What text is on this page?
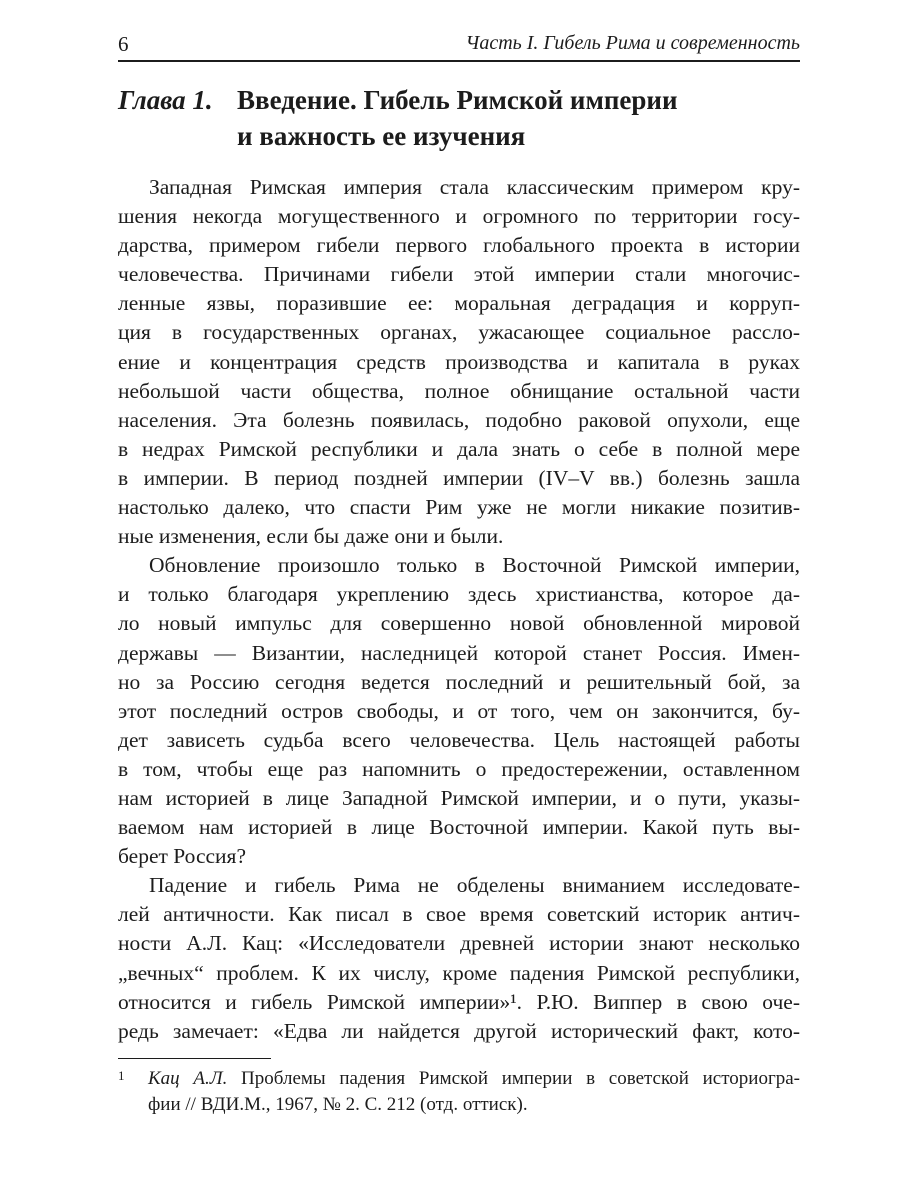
6	Часть I. Гибель Рима и современность
Глава 1. Введение. Гибель Римской империи
и важность ее изучения
Западная Римская империя стала классическим примером кру-
шения некогда могущественного и огромного по территории госу-
дарства, примером гибели первого глобального проекта в истории
человечества. Причинами гибели этой империи стали многочис-
ленные язвы, поразившие ее: моральная деградация и корруп-
ция в государственных органах, ужасающее социальное рассло-
ение и концентрация средств производства и капитала в руках
небольшой части общества, полное обнищание остальной части
населения. Эта болезнь появилась, подобно раковой опухоли, еще
в недрах Римской республики и дала знать о себе в полной мере
в империи. В период поздней империи (IV–V вв.) болезнь зашла
настолько далеко, что спасти Рим уже не могли никакие позитив-
ные изменения, если бы даже они и были.
Обновление произошло только в Восточной Римской империи,
и только благодаря укреплению здесь христианства, которое да-
ло новый импульс для совершенно новой обновленной мировой
державы — Византии, наследницей которой станет Россия. Имен-
но за Россию сегодня ведется последний и решительный бой, за
этот последний остров свободы, и от того, чем он закончится, бу-
дет зависеть судьба всего человечества. Цель настоящей работы
в том, чтобы еще раз напомнить о предостережении, оставленном
нам историей в лице Западной Римской империи, и о пути, указы-
ваемом нам историей в лице Восточной империи. Какой путь вы-
берет Россия?
Падение и гибель Рима не обделены вниманием исследовате-
лей античности. Как писал в свое время советский историк антич-
ности А.Л. Кац: «Исследователи древней истории знают несколько
„вечных“ проблем. К их числу, кроме падения Римской республики,
относится и гибель Римской империи»¹. Р.Ю. Виппер в свою оче-
редь замечает: «Едва ли найдется другой исторический факт, кото-
1	Кац А.Л. Проблемы падения Римской империи в советской историогра-
фии // ВДИ.М., 1967, № 2. С. 212 (отд. оттиск).
